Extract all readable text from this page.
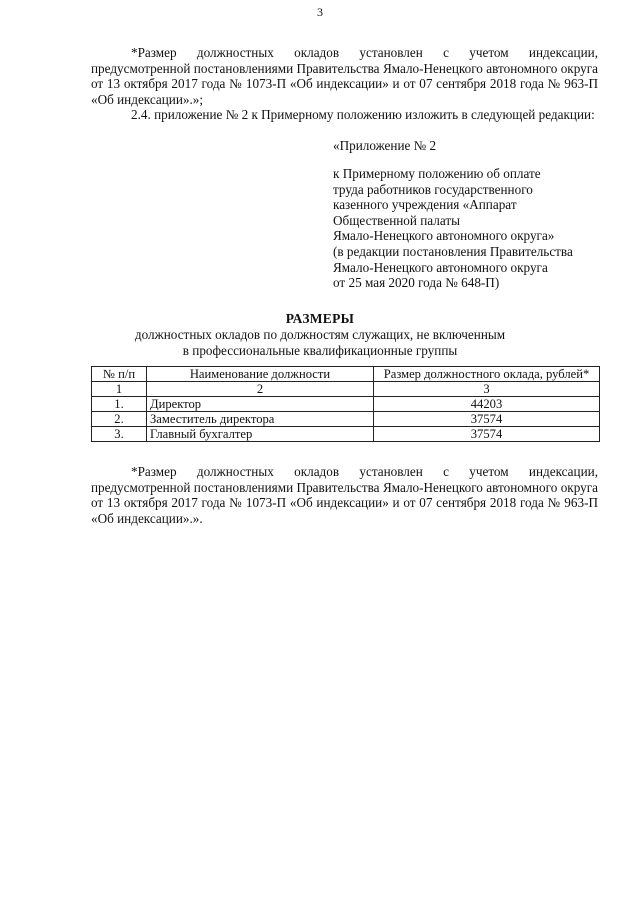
3

*Размер должностных окладов установлен с учетом индексации, предусмотренной постановлениями Правительства Ямало-Ненецкого автономного округа от 13 октября 2017 года № 1073-П «Об индексации» и от 07 сентября 2018 года № 963-П «Об индексации».»;

2.4. приложение № 2 к Примерному положению изложить в следующей редакции:

«Приложение № 2
к Примерному положению об оплате
труда работников государственного
казенного учреждения «Аппарат
Общественной палаты
Ямало-Ненецкого автономного округа»
(в редакции постановления Правительства
Ямало-Ненецкого автономного округа
от 25 мая 2020 года № 648-П)
РАЗМЕРЫ
должностных окладов по должностям служащих, не включенным
в профессиональные квалификационные группы
№ п/п	Наименование должности	Размер должностного оклада, рублей*
1	2	3
1.	Директор	44203
2.	Заместитель директора	37574
3.	Главный бухгалтер	37574

*Размер должностных окладов установлен с учетом индексации, предусмотренной постановлениями Правительства Ямало-Ненецкого автономного округа от 13 октября 2017 года № 1073-П «Об индексации» и от 07 сентября 2018 года № 963-П «Об индексации».».
